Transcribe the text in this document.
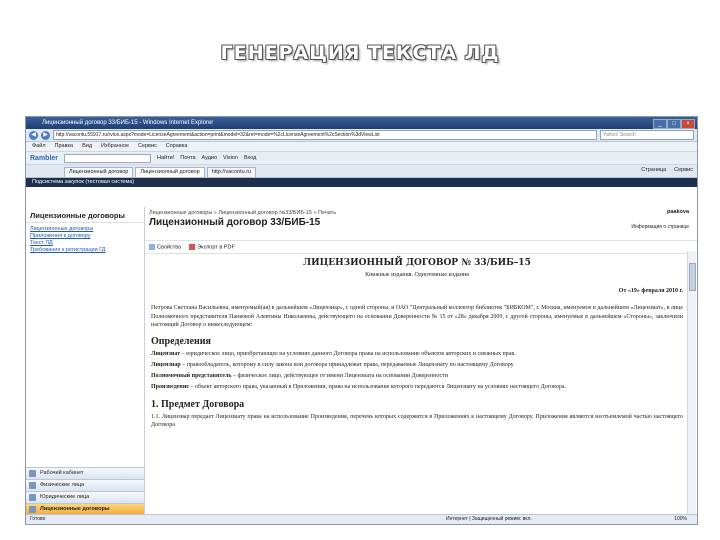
ГЕНЕРАЦИЯ ТЕКСТА ЛД
Лицензионный договор 33/БИБ-15 - Windows Internet Explorer	_	□	×
◀	▶	http://vacontu.55917.ru/rvice.aspx?mode=LicenseAgreement&action=print&model=32&ret=mode=%2cLicenseAgreement%2cSection%3dViewList	Yahoo! Search
Файл Правка Вид Избранное Сервис Справка
Rambler	Найти! Почта Аудио Vision Вход
Лицензионный договор	Лицензионный договор	http://vacontu.ru	Страница Сервис
Подсистема закупок (тестовая система)
Лицензионные договоры
Лицензионные договоры
Приложения к договору
Текст ЛД
Требования к регистрации ГД
Рабочий кабинет
Физические лица
Юридические лица
Лицензионные договоры
Лицензионные договоры » Лицензионный договор №33/БИБ-15 » Печать
Лицензионный договор 33/БИБ-15
paakova
Информация о странице
Свойства	Экспорт в PDF
ЛИЦЕНЗИОННЫЙ ДОГОВОР № 33/БИБ–15
Книжные издания. Однотомные издания
От «19» февраля 2010 г.
Петрова Светлана Васильевна, именуемый(ая) в дальнейшем «Лицензиар», с одной стороны, и ОАО "Центральный коллектор библиотек "БИБКОМ", г. Москва, именуемое в дальнейшем «Лицензиат», в лице Полномочного представителя Панковой Алевтины Николаевны, действующего на основании Доверенности № 15 от «28» декабря 2009, с другой стороны, именуемые в дальнейшем «Стороны», заключили настоящий Договор о нижеследующем:
Определения
Лицензиат – юридическое лицо, приобретающее на условиях данного Договора права на использование объектов авторских и смежных прав.
Лицензиар – правообладатель, которому в силу закона или договора принадлежат права, передаваемые Лицензиату по настоящему Договору
Полномочный представитель – физическое лицо, действующее от имени Лицензиата на основании Доверенности
Произведение – объект авторского права, указанный в Приложении, права на использование которого передаются Лицензиату на условиях настоящего Договора.
1. Предмет Договора
1.1. Лицензиар передает Лицензиату права на использование Произведения, перечень которых содержится в Приложениях к настоящему Договору. Приложения являются неотъемлемой частью настоящего Договора
Готово	Интернет | Защищенный режим: вкл.	100%
